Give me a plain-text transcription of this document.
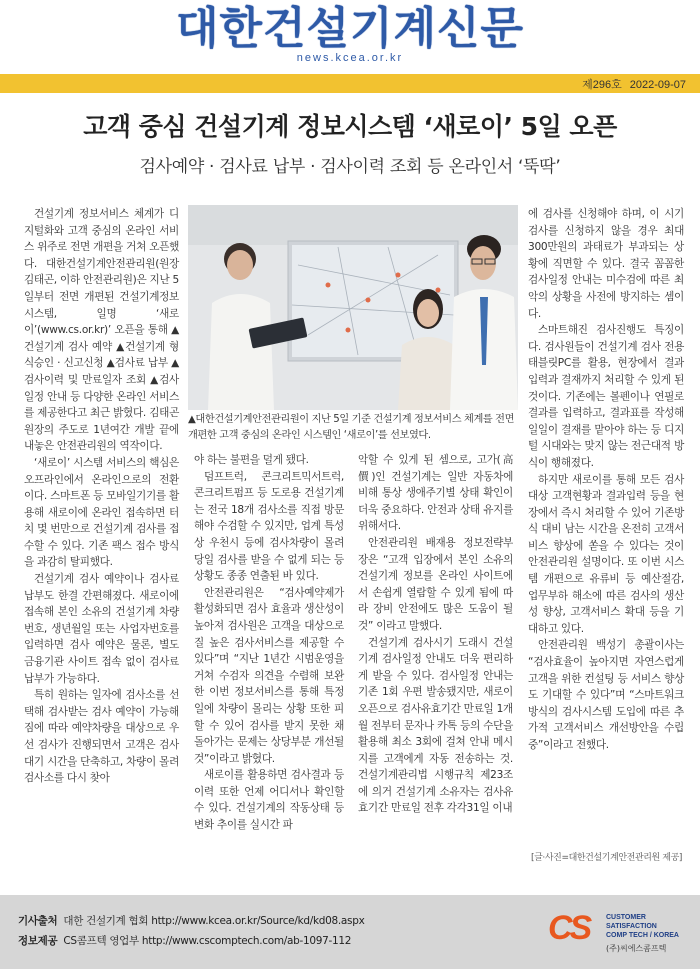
대한건설기계신문
news.kcea.or.kr
제296호 2022-09-07
고객 중심 건설기계 정보시스템 ‘새로이’ 5일 오픈
검사예약 · 검사료 납부 · 검사이력 조회 등 온라인서 ‘뚝딱’

건설기계 정보서비스 체계가 디지털화와 고객 중심의 온라인 서비스 위주로 전면 개편을 거쳐 오픈했다. 대한건설기계안전관리원(원장 김태곤, 이하 안전관리원)은 지난 5일부터 전면 개편된 건설기계정보시스템, 일명 ‘새로이’(www.cs.or.kr)’ 오픈을 통해 ▲건설기계 검사 예약 ▲건설기계 형식승인 · 신고신청 ▲검사료 납부 ▲검사이력 및 만료일자 조회 ▲검사일정 안내 등 다양한 온라인 서비스를 제공한다고 최근 밝혔다. 김태곤 원장의 주도로 1년여간 개발 끝에 내놓은 안전관리원의 역작이다.

‘새로이’ 시스템 서비스의 핵심은 오프라인에서 온라인으로의 전환이다. 스마트폰 등 모바일기기를 활용해 새로이에 온라인 접속하면 터치 몇 번만으로 건설기계 검사를 접수할 수 있다. 기존 팩스 접수 방식을 과감히 탈피했다.

건설기계 검사 예약이나 검사료 납부도 한결 간편해졌다. 새로이에 접속해 본인 소유의 건설기계 차량번호, 생년월일 또는 사업자번호를 입력하면 검사 예약은 물론, 별도 금융기관 사이트 접속 없이 검사료 납부가 가능하다.

특히 원하는 일자에 검사소를 선택해 검사받는 검사 예약이 가능해짐에 따라 예약차량을 대상으로 우선 검사가 진행되면서 고객은 검사대기 시간을 단축하고, 차량이 몰려 검사소를 다시 찾아

▲대한건설기계안전관리원이 지난 5일 기준 건설기계 정보서비스 체계를 전면 개편한 고객 중심의 온라인 시스템인 ‘새로이’를 선보였다.

야 하는 불편을 덜게 됐다.

덤프트럭, 콘크리트믹서트럭, 콘크리트펌프 등 도로용 건설기계는 전국 18개 검사소를 직접 방문해야 수검할 수 있지만, 업계 특성상 우천시 등에 검사차량이 몰려 당일 검사를 받을 수 없게 되는 등 상황도 종종 연출된 바 있다.

안전관리원은 “검사예약제가 활성화되면 검사 효율과 생산성이 높아져 검사원은 고객을 대상으로 질 높은 검사서비스를 제공할 수 있다”며 “지난 1년간 시범운영을 거쳐 수검자 의견을 수렴해 보완한 이번 정보서비스를 통해 특정일에 차량이 몰리는 상황 또한 피할 수 있어 검사를 받지 못한 채 돌아가는 문제는 상당부분 개선될 것”이라고 밝혔다.

새로이를 활용하면 검사결과 등 이력 또한 언제 어디서나 확인할 수 있다. 건설기계의 작동상태 등 변화 추이를 실시간 파

악할 수 있게 된 셈으로, 고가(高價)인 건설기계는 일반 자동차에 비해 통상 생애주기별 상태 확인이 더욱 중요하다. 안전과 상태 유지를 위해서다.

안전관리원 배재용 정보전략부장은 “고객 입장에서 본인 소유의 건설기계 정보를 온라인 사이트에서 손쉽게 열람할 수 있게 됨에 따라 장비 안전에도 많은 도움이 될 것” 이라고 말했다.

건설기계 검사시기 도래시 건설기계 검사일정 안내도 더욱 편리하게 받을 수 있다. 검사일정 안내는 기존 1회 우편 발송됐지만, 새로이 오픈으로 검사유효기간 만료일 1개월 전부터 문자나 카톡 등의 수단을 활용해 최소 3회에 걸쳐 안내 메시지를 고객에게 자동 전송하는 것. 건설기계관리법 시행규칙 제23조에 의거 건설기계 소유자는 검사유효기간 만료일 전후 각각31일 이내

에 검사를 신청해야 하며, 이 시기 검사를 신청하지 않을 경우 최대 300만원의 과태료가 부과되는 상황에 직면할 수 있다. 결국 꼼꼼한 검사일정 안내는 미수검에 따른 최악의 상황을 사전에 방지하는 셈이다.

스마트해진 검사진행도 특징이다. 검사원들이 건설기계 검사 전용 태블릿PC를 활용, 현장에서 결과 입력과 결재까지 처리할 수 있게 된 것이다. 기존에는 볼펜이나 연필로 결과를 입력하고, 결과표를 작성해 일일이 결재를 맡아야 하는 등 디지털 시대와는 맞지 않는 전근대적 방식이 행해졌다.

하지만 새로이를 통해 모든 검사대상 고객현황과 결과입력 등을 현장에서 즉시 처리할 수 있어 기존방식 대비 남는 시간을 온전히 고객서비스 향상에 쏟을 수 있다는 것이 안전관리원 설명이다. 또 이번 시스템 개편으로 유류비 등 예산절감, 업무부하 해소에 따른 검사의 생산성 향상, 고객서비스 확대 등을 기대하고 있다.

안전관리원 백성기 총괄이사는 “검사효율이 높아지면 자연스럽게 고객을 위한 컨설팅 등 서비스 향상도 기대할 수 있다”며 “스마트워크 방식의 검사시스템 도입에 따른 추가적 고객서비스 개선방안을 수립 중”이라고 전했다.

[글·사진=대한건설기계안전관리원 제공]
기사출처 대한 건설기계 협회 http://www.kcea.or.kr/Source/kd/kd08.aspx
정보제공 CS콤프텍 영업부 http://www.cscomptech.com/ab-1097-112	CS CUSTOMER SATISFACTION
COMP TECH / KOREA
(주)씨에스콤프텍
